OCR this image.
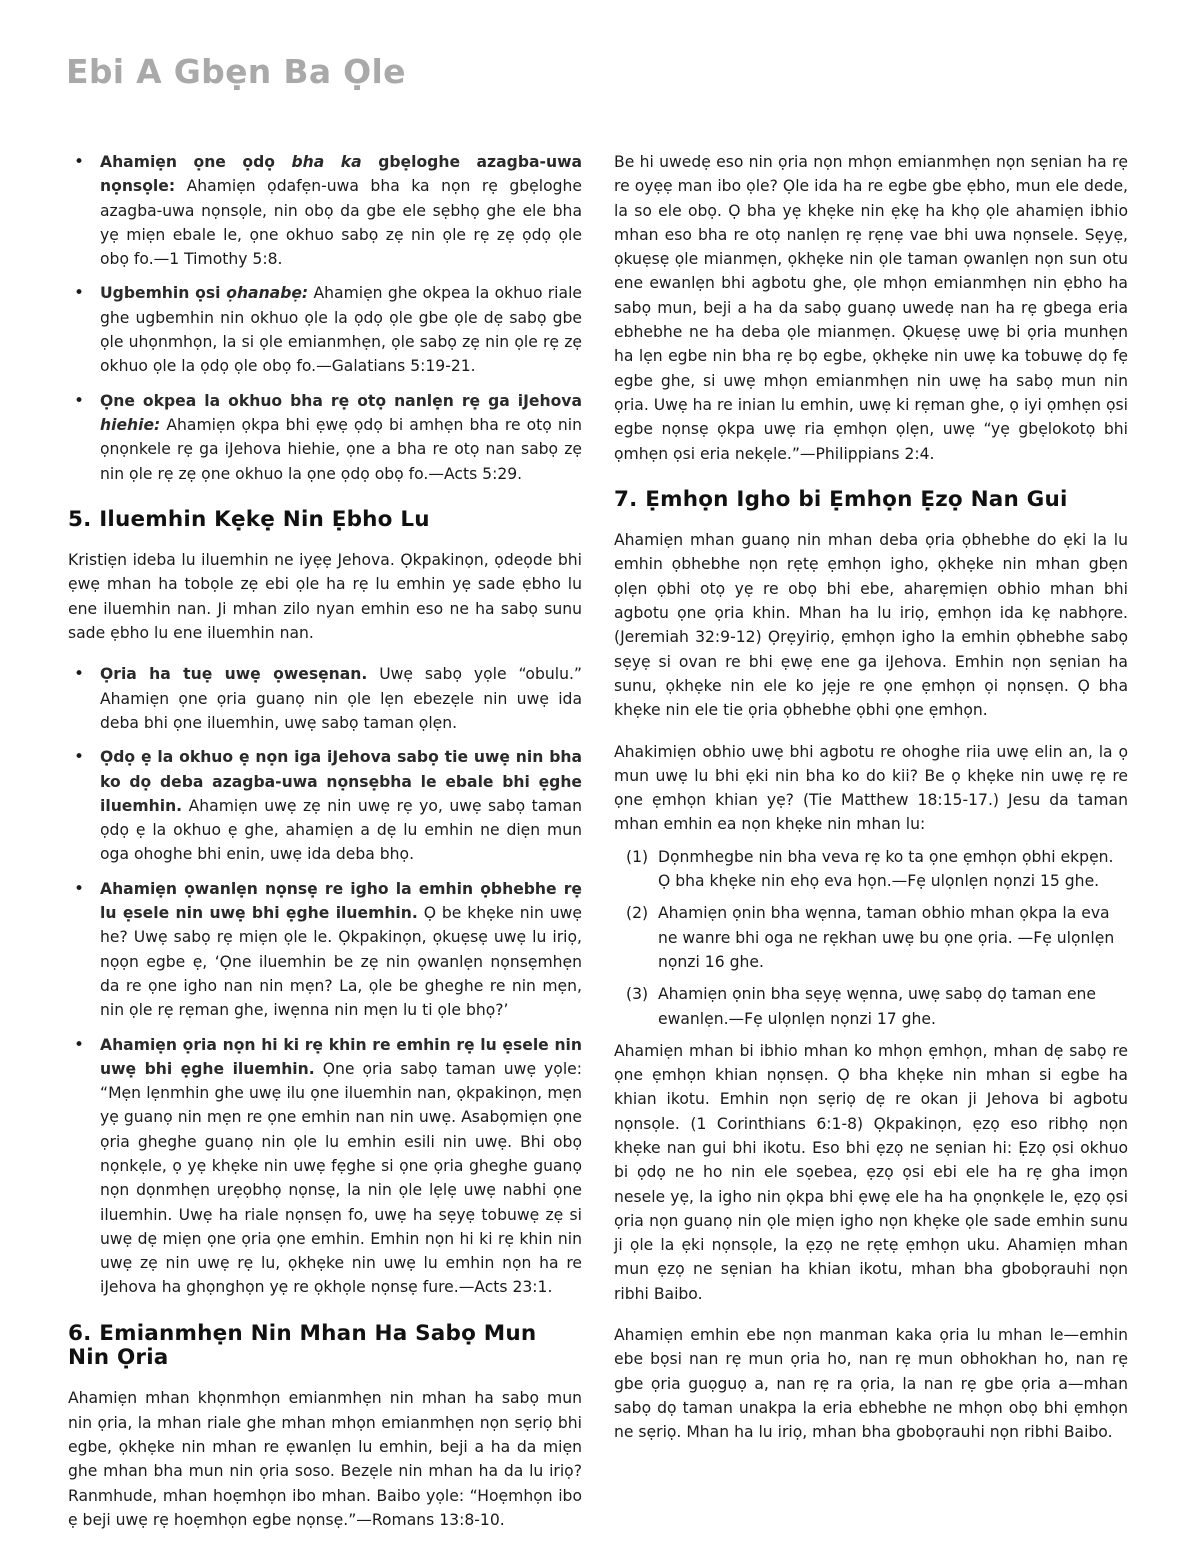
Ebi A Gbẹn Ba Ọle
• Ahamiẹn ọne ọdọ bha ka gbẹloghe azagba-uwa nọnsọle: Ahamiẹn ọdafẹn-uwa bha ka nọn rẹ gbẹloghe azagba-uwa nọnsọle, nin obọ da gbe ele sẹbhọ ghe ele bha yẹ miẹn ebale le, ọne okhuo sabọ zẹ nin ọle rẹ zẹ ọdọ ọle obọ fo.—1 Timothy 5:8.
• Ugbemhin ọsi ọhanabẹ: Ahamiẹn ghe okpea la okhuo riale ghe ugbemhin nin okhuo ọle la ọdọ ọle gbe ọle dẹ sabọ gbe ọle uhọnmhọn, la si ọle emianmhẹn, ọle sabọ zẹ nin ọle rẹ zẹ okhuo ọle la ọdọ ọle obọ fo.—Galatians 5:19-21.
• Ọne okpea la okhuo bha rẹ otọ nanlẹn rẹ ga iJehova hiehie: Ahamiẹn ọkpa bhi ẹwẹ ọdọ bi amhẹn bha re otọ nin ọnọnkele rẹ ga iJehova hiehie, ọne a bha re otọ nan sabọ zẹ nin ọle rẹ zẹ ọne okhuo la ọne ọdọ obọ fo.—Acts 5:29.
5. Iluemhin Kẹkẹ Nin Ẹbho Lu

Kristiẹn ideba lu iluemhin ne iyẹẹ Jehova. Ọkpakinọn, ọdeọde bhi ẹwẹ mhan ha tobọle zẹ ebi ọle ha rẹ lu emhin yẹ sade ẹbho lu ene iluemhin nan. Ji mhan zilo nyan emhin eso ne ha sabọ sunu sade ẹbho lu ene iluemhin nan.

• Ọria ha tuẹ uwẹ ọwesẹnan. Uwẹ sabọ yọle “obulu.” Ahamiẹn ọne ọria guanọ nin ọle lẹn ebezẹle nin uwẹ ida deba bhi ọne iluemhin, uwẹ sabọ taman ọlẹn.
• Ọdọ ẹ la okhuo ẹ nọn iga iJehova sabọ tie uwẹ nin bha ko dọ deba azagba-uwa nọnsẹbha le ebale bhi ẹghe iluemhin. Ahamiẹn uwẹ zẹ nin uwẹ rẹ yo, uwẹ sabọ taman ọdọ ẹ la okhuo ẹ ghe, ahamiẹn a dẹ lu emhin ne diẹn mun oga ohoghe bhi enin, uwẹ ida deba bhọ.
• Ahamiẹn ọwanlẹn nọnsẹ re igho la emhin ọbhebhe rẹ lu ẹsele nin uwẹ bhi ẹghe iluemhin. Ọ be khẹke nin uwẹ he? Uwẹ sabọ rẹ miẹn ọle le. Ọkpakinọn, ọkuẹsẹ uwẹ lu iriọ, nọọn egbe ẹ, ‘Ọne iluemhin be zẹ nin ọwanlẹn nọnsẹmhẹn da re ọne igho nan nin mẹn? La, ọle be gheghe re nin mẹn, nin ọle rẹ rẹman ghe, iwẹnna nin mẹn lu ti ọle bhọ?’
• Ahamiẹn ọria nọn hi ki rẹ khin re emhin rẹ lu ẹsele nin uwẹ bhi ẹghe iluemhin. Ọne ọria sabọ taman uwẹ yọle: “Mẹn lẹnmhin ghe uwẹ ilu ọne iluemhin nan, ọkpakinọn, mẹn yẹ guanọ nin mẹn re ọne emhin nan nin uwẹ. Asabọmiẹn ọne ọria gheghe guanọ nin ọle lu emhin esili nin uwẹ. Bhi obọ nọnkẹle, ọ yẹ khẹke nin uwẹ fẹghe si ọne ọria gheghe guanọ nọn dọnmhẹn urẹọbhọ nọnsẹ, la nin ọle lẹlẹ uwẹ nabhi ọne iluemhin. Uwẹ ha riale nọnsẹn fo, uwẹ ha sẹyẹ tobuwẹ zẹ si uwẹ dẹ miẹn ọne ọria ọne emhin. Emhin nọn hi ki rẹ khin nin uwẹ zẹ nin uwẹ rẹ lu, ọkhẹke nin uwẹ lu emhin nọn ha re iJehova ha ghọnghọn yẹ re ọkhọle nọnsẹ fure.—Acts 23:1.
6. Emianmhẹn Nin Mhan Ha Sabọ Mun Nin Ọria

Ahamiẹn mhan khọnmhọn emianmhẹn nin mhan ha sabọ mun nin ọria, la mhan riale ghe mhan mhọn emianmhẹn nọn sẹriọ bhi egbe, ọkhẹke nin mhan re ẹwanlẹn lu emhin, beji a ha da miẹn ghe mhan bha mun nin ọria soso. Bezẹle nin mhan ha da lu iriọ? Ranmhude, mhan hoẹmhọn ibo mhan. Baibo yọle: “Hoẹmhọn ibo ẹ beji uwẹ rẹ hoẹmhọn egbe nọnsẹ.”—Romans 13:8-10.

Be hi uwedẹ eso nin ọria nọn mhọn emianmhẹn nọn sẹnian ha rẹ re oyẹẹ man ibo ọle? Ọle ida ha re egbe gbe ẹbho, mun ele dede, la so ele obọ. Ọ bha yẹ khẹke nin ẹkẹ ha khọ ọle ahamiẹn ibhio mhan eso bha re otọ nanlẹn rẹ rẹnẹ vae bhi uwa nọnsele. Sẹyẹ, ọkuẹsẹ ọle mianmẹn, ọkhẹke nin ọle taman ọwanlẹn nọn sun otu ene ewanlẹn bhi agbotu ghe, ọle mhọn emianmhẹn nin ẹbho ha sabọ mun, beji a ha da sabọ guanọ uwedẹ nan ha rẹ gbega eria ebhebhe ne ha deba ọle mianmẹn. Ọkuẹsẹ uwẹ bi ọria munhẹn ha lẹn egbe nin bha rẹ bọ egbe, ọkhẹke nin uwẹ ka tobuwẹ dọ fẹ egbe ghe, si uwẹ mhọn emianmhẹn nin uwẹ ha sabọ mun nin ọria. Uwẹ ha re inian lu emhin, uwẹ ki rẹman ghe, ọ iyi ọmhẹn ọsi egbe nọnsẹ ọkpa uwẹ ria ẹmhọn ọlẹn, uwẹ “yẹ gbẹlokotọ bhi ọmhẹn ọsi eria nekẹle.”—Philippians 2:4.

7. Ẹmhọn Igho bi Ẹmhọn Ẹzọ Nan Gui

Ahamiẹn mhan guanọ nin mhan deba ọria ọbhebhe do ẹki la lu emhin ọbhebhe nọn rẹtẹ ẹmhọn igho, ọkhẹke nin mhan gbẹn ọlẹn ọbhi otọ yẹ re obọ bhi ebe, aharẹmiẹn obhio mhan bhi agbotu ọne ọria khin. Mhan ha lu iriọ, ẹmhọn ida kẹ nabhọre. (Jeremiah 32:9-12) Ọrẹyiriọ, ẹmhọn igho la emhin ọbhebhe sabọ sẹyẹ si ovan re bhi ẹwẹ ene ga iJehova. Emhin nọn sẹnian ha sunu, ọkhẹke nin ele ko jẹje re ọne ẹmhọn ọi nọnsẹn. Ọ bha khẹke nin ele tie ọria ọbhebhe ọbhi ọne ẹmhọn.

Ahakimiẹn obhio uwẹ bhi agbotu re ohoghe riia uwẹ elin an, la ọ mun uwẹ lu bhi ẹki nin bha ko do kii? Be ọ khẹke nin uwẹ rẹ re ọne ẹmhọn khian yẹ? (Tie Matthew 18:15-17.) Jesu da taman mhan emhin ea nọn khẹke nin mhan lu:

(1) Dọnmhegbe nin bha veva rẹ ko ta ọne ẹmhọn ọbhi ekpẹn. Ọ bha khẹke nin ehọ eva họn.—Fẹ ulọnlẹn nọnzi 15 ghe.
(2) Ahamiẹn ọnin bha wẹnna, taman obhio mhan ọkpa la eva ne wanre bhi oga ne rẹkhan uwẹ bu ọne ọria. —Fẹ ulọnlẹn nọnzi 16 ghe.
(3) Ahamiẹn ọnin bha sẹyẹ wẹnna, uwẹ sabọ dọ taman ene ewanlẹn.—Fẹ ulọnlẹn nọnzi 17 ghe.

Ahamiẹn mhan bi ibhio mhan ko mhọn ẹmhọn, mhan dẹ sabọ re ọne ẹmhọn khian nọnsẹn. Ọ bha khẹke nin mhan si egbe ha khian ikotu. Emhin nọn sẹriọ dẹ re okan ji Jehova bi agbotu nọnsọle. (1 Corinthians 6:1-8) Ọkpakinọn, ẹzọ eso ribhọ nọn khẹke nan gui bhi ikotu. Eso bhi ẹzọ ne sẹnian hi: Ẹzọ ọsi okhuo bi ọdọ ne ho nin ele sọebea, ẹzọ ọsi ebi ele ha rẹ gha imọn nesele yẹ, la igho nin ọkpa bhi ẹwẹ ele ha ha ọnọnkẹle le, ẹzọ ọsi ọria nọn guanọ nin ọle miẹn igho nọn khẹke ọle sade emhin sunu ji ọle la ẹki nọnsọle, la ẹzọ ne rẹtẹ ẹmhọn uku. Ahamiẹn mhan mun ẹzọ ne sẹnian ha khian ikotu, mhan bha gbobọrauhi nọn ribhi Baibo.

Ahamiẹn emhin ebe nọn manman kaka ọria lu mhan le—emhin ebe bọsi nan rẹ mun ọria ho, nan rẹ mun obhokhan ho, nan rẹ gbe ọria guọguọ a, nan rẹ ra ọria, la nan rẹ gbe ọria a—mhan sabọ dọ taman unakpa la eria ebhebhe ne mhọn obọ bhi ẹmhọn ne sẹriọ. Mhan ha lu iriọ, mhan bha gbobọrauhi nọn ribhi Baibo.
